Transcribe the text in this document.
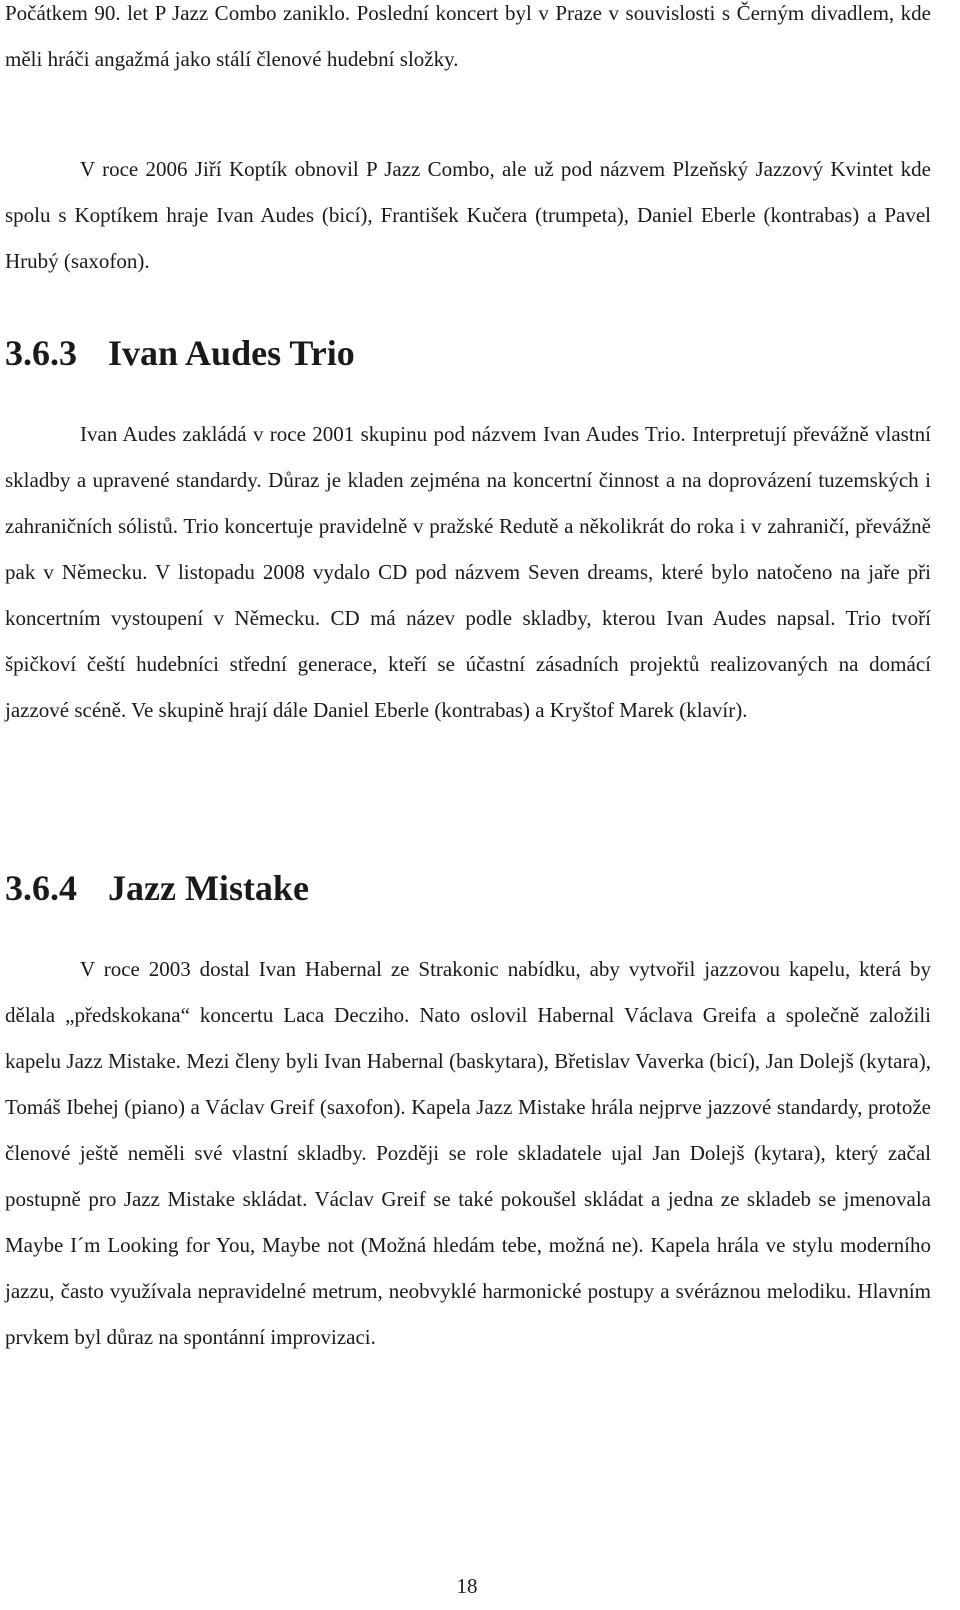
Počátkem 90. let P Jazz Combo zaniklo. Poslední koncert byl v Praze v souvislosti s Černým divadlem, kde měli hráči angažmá jako stálí členové hudební složky.

V roce 2006 Jiří Koptík obnovil P Jazz Combo, ale už pod názvem Plzeňský Jazzový Kvintet kde spolu s Koptíkem hraje Ivan Audes (bicí), František Kučera (trumpeta), Daniel Eberle (kontrabas) a Pavel Hrubý (saxofon).

3.6.3 Ivan Audes Trio

Ivan Audes zakládá v roce 2001 skupinu pod názvem Ivan Audes Trio. Interpretují převážně vlastní skladby a upravené standardy. Důraz je kladen zejména na koncertní činnost a na doprovázení tuzemských i zahraničních sólistů. Trio koncertuje pravidelně v pražské Redutě a několikrát do roka i v zahraničí, převážně pak v Německu. V listopadu 2008 vydalo CD pod názvem Seven dreams, které bylo natočeno na jaře při koncertním vystoupení v Německu. CD má název podle skladby, kterou Ivan Audes napsal. Trio tvoří špičkoví čeští hudebníci střední generace, kteří se účastní zásadních projektů realizovaných na domácí jazzové scéně. Ve skupině hrají dále Daniel Eberle (kontrabas) a Kryštof Marek (klavír).

3.6.4 Jazz Mistake

V roce 2003 dostal Ivan Habernal ze Strakonic nabídku, aby vytvořil jazzovou kapelu, která by dělala „předskokana“ koncertu Laca Decziho. Nato oslovil Habernal Václava Greifa a společně založili kapelu Jazz Mistake. Mezi členy byli Ivan Habernal (baskytara), Břetislav Vaverka (bicí), Jan Dolejš (kytara), Tomáš Ibehej (piano) a Václav Greif (saxofon). Kapela Jazz Mistake hrála nejprve jazzové standardy, protože členové ještě neměli své vlastní skladby. Později se role skladatele ujal Jan Dolejš (kytara), který začal postupně pro Jazz Mistake skládat. Václav Greif se také pokoušel skládat a jedna ze skladeb se jmenovala Maybe I´m Looking for You, Maybe not (Možná hledám tebe, možná ne). Kapela hrála ve stylu moderního jazzu, často využívala nepravidelné metrum, neobvyklé harmonické postupy a svéráznou melodiku. Hlavním prvkem byl důraz na spontánní improvizaci.

18
